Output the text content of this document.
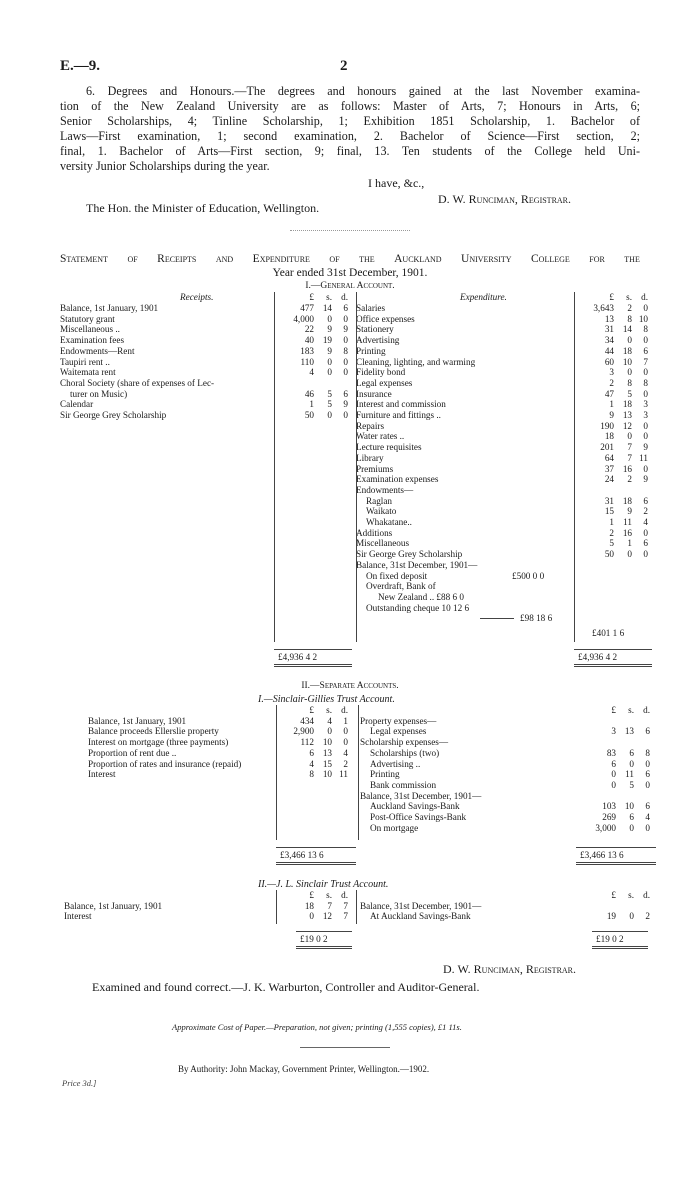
E.—9.	2
6. Degrees and Honours.—The degrees and honours gained at the last November examina-
tion of the New Zealand University are as follows: Master of Arts, 7; Honours in Arts, 6;
Senior Scholarships, 4; Tinline Scholarship, 1; Exhibition 1851 Scholarship, 1. Bachelor of
Laws—First examination, 1; second examination, 2. Bachelor of Science—First section, 2;
final, 1. Bachelor of Arts—First section, 9; final, 13. Ten students of the College held Uni-
versity Junior Scholarships during the year.
I have, &c.,
D. W. Runciman, Registrar.
The Hon. the Minister of Education, Wellington.
Statement of Receipts and Expenditure of the Auckland University College for the
Year ended 31st December, 1901.
I.—General Account.
Receipts.	Expenditure.
£	s. d.	£	s. d.
Balance, 1st January, 1901	477 14	6
Statutory grant	4,000	0	0
Miscellaneous ..	22	9	9
Examination fees	40 19	0
Endowments—Rent	183	9	8
Taupiri rent ..	110	0	0
Waitemata rent	4	0	0
Choral Society (share of expenses of Lec-
turer on Music)	46	5	6
Calendar	1	5	9
Sir George Grey Scholarship	50	0	0
Salaries	3,643	2	0
Office expenses	13	8 10
Stationery	31 14	8
Advertising	34	0	0
Printing	44 18	6
Cleaning, lighting, and warming	60 10	7
Fidelity bond	3	0	0
Legal expenses	2	8	8
Insurance	47	5	0
Interest and commission	1 18	3
Furniture and fittings ..	9 13	3
Repairs	190 12	0
Water rates ..	18	0	0
Lecture requisites	201	7	9
Library	64	7 11
Premiums	37 16	0
Examination expenses	24	2	9
Endowments—
Raglan	31 18	6
Waikato	15	9	2
Whakatane..	1 11	4
Additions	2 16	0
Miscellaneous	5	1	6
Sir George Grey Scholarship	50	0	0
Balance, 31st December, 1901—
On fixed deposit	£500 0 0
Overdraft, Bank of
New Zealand .. £88 6 0
Outstanding cheque 10 12 6
£98 18 6
£401 1 6
£4,936 4 2	£4,936 4 2
II.—Separate Accounts.
I.—Sinclair-Gillies Trust Account.
£	s. d.	£	s. d.
Balance, 1st January, 1901	434	4	1
Balance proceeds Ellerslie property	2,900	0	0
Interest on mortgage (three payments)	112 10	0
Proportion of rent due ..	6 13	4
Proportion of rates and insurance (repaid)	4 15	2
Interest	8 10 11
Property expenses—
Legal expenses	3 13	6
Scholarship expenses—
Scholarships (two)	83	6	8
Advertising ..	6	0	0
Printing	0 11	6
Bank commission	0	5	0
Balance, 31st December, 1901—
Auckland Savings-Bank	103 10	6
Post-Office Savings-Bank	269	6	4
On mortgage	3,000	0	0
£3,466 13 6	£3,466 13 6
II.—J. L. Sinclair Trust Account.
£	s. d.	£	s. d.
Balance, 1st January, 1901	18	7	7
Interest	0 12	7
Balance, 31st December, 1901—
At Auckland Savings-Bank	19	0	2
£19 0 2	£19 0 2
D. W. Runciman, Registrar.
Examined and found correct.—J. K. Warburton, Controller and Auditor-General.
Approximate Cost of Paper.—Preparation, not given; printing (1,555 copies), £1 11s.
By Authority: John Mackay, Government Printer, Wellington.—1902.
Price 3d.]
